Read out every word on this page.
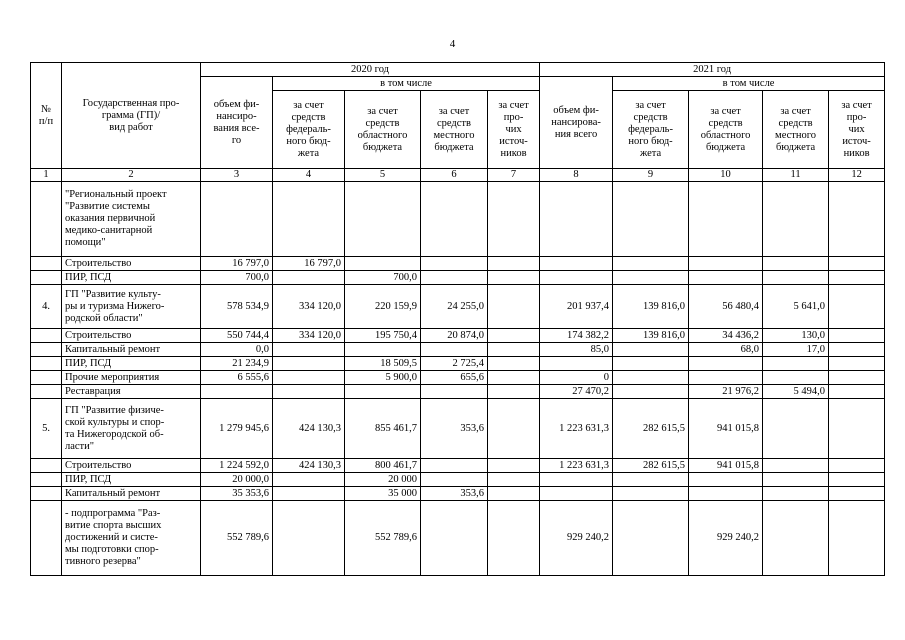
4
№
п/п	Государственная про-
грамма (ГП)/
вид работ	2020 год					2021 год				
		объем фи-
нансиро-
вания все-
го	в том числе				объем фи-
нансирова-
ния всего	в том числе			
			за счет
средств
федераль-
ного бюд-
жета	за счет
средств
областного
бюджета	за счет
средств
местного
бюджета	за счет
про-
чих
источ-
ников		за счет
средств
федераль-
ного бюд-
жета	за счет
средств
областного
бюджета	за счет
средств
местного
бюджета	за счет
про-
чих
источ-
ников
1	2	3	4	5	6	7	8	9	10	11	12
	"Региональный проект
"Развитие системы
оказания первичной
медико-санитарной
помощи"										
	Строительство	16 797,0	16 797,0								
	ПИР, ПСД	700,0		700,0							
4.	ГП "Развитие культу-
ры и туризма Нижего-
родской области"	578 534,9	334 120,0	220 159,9	24 255,0		201 937,4	139 816,0	56 480,4	5 641,0	
	Строительство	550 744,4	334 120,0	195 750,4	20 874,0		174 382,2	139 816,0	34 436,2	130,0	
	Капитальный ремонт	0,0					85,0		68,0	17,0	
	ПИР, ПСД	21 234,9		18 509,5	2 725,4						
	Прочие мероприятия	6 555,6		5 900,0	655,6		0				
	Реставрация						27 470,2		21 976,2	5 494,0	
5.	ГП "Развитие физиче-
ской культуры и спор-
та Нижегородской об-
ласти"	1 279 945,6	424 130,3	855 461,7	353,6		1 223 631,3	282 615,5	941 015,8		
	Строительство	1 224 592,0	424 130,3	800 461,7			1 223 631,3	282 615,5	941 015,8		
	ПИР, ПСД	20 000,0		20 000							
	Капитальный ремонт	35 353,6		35 000	353,6						
	- подпрограмма "Раз-
витие спорта высших
достижений и систе-
мы подготовки спор-
тивного резерва"	552 789,6		552 789,6			929 240,2		929 240,2		
